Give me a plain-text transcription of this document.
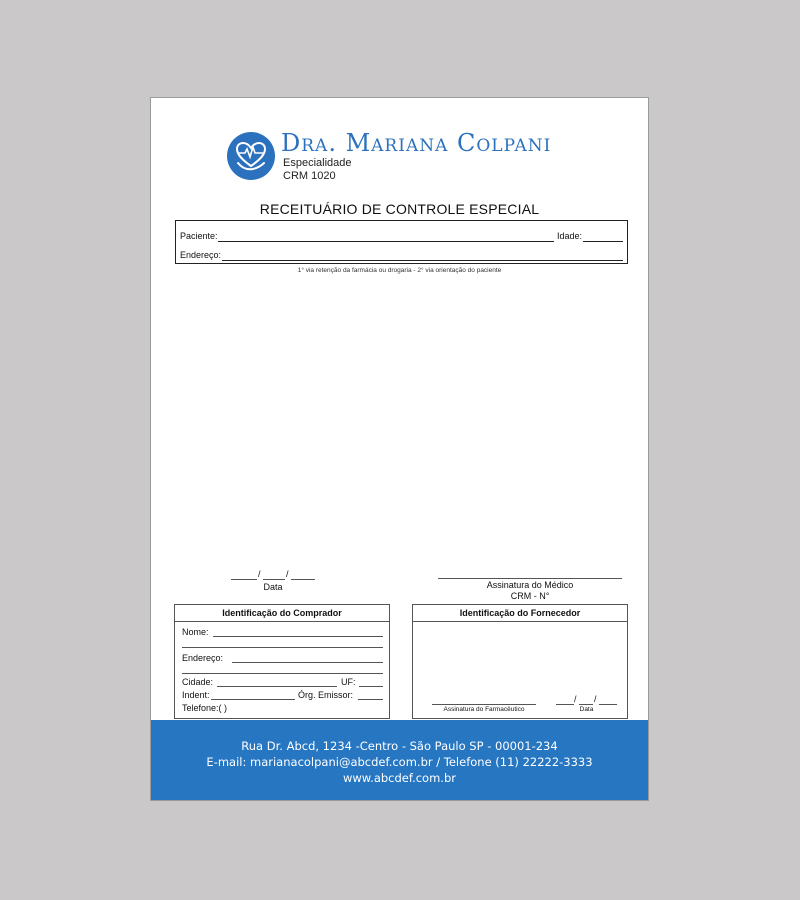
Dra. Mariana Colpani
Especialidade
CRM 1020
RECEITUÁRIO DE CONTROLE ESPECIAL
Paciente:	Idade:
Endereço:
1° via retenção da farmácia ou drogaria - 2° via orientação do paciente
/	/
Data	Assinatura do Médico
CRM - N°
Identificação do Comprador
Nome:
Endereço:
Cidade:	UF:
Indent:	Órg. Emissor:
Telefone:( )
Identificação do Fornecedor
Assinatura do Farmacêutico
/ /
Data
Rua Dr. Abcd, 1234 -Centro - São Paulo SP - 00001-234
E-mail: marianacolpani@abcdef.com.br / Telefone (11) 22222-3333
www.abcdef.com.br
